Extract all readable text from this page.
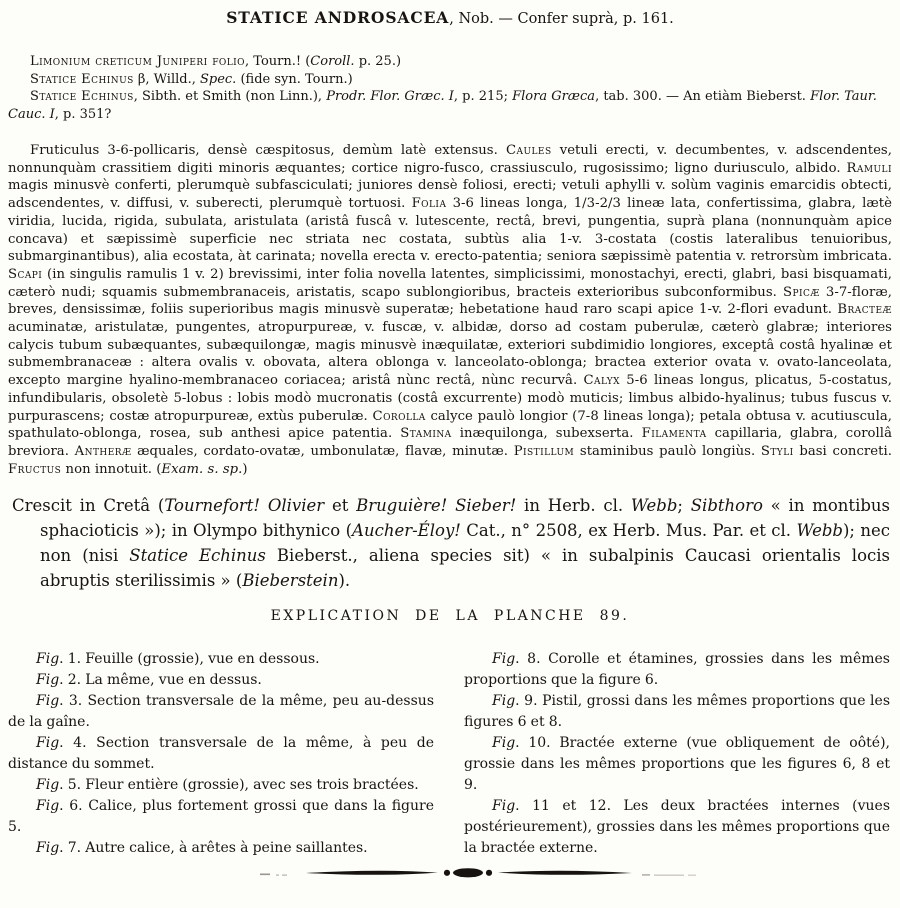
STATICE ANDROSACEA, Nob. — Confer suprà, p. 161.

Limonium creticum Juniperi folio, Tourn.! (Coroll. p. 25.)

Statice Echinus β, Willd., Spec. (fide syn. Tourn.)

Statice Echinus, Sibth. et Smith (non Linn.), Prodr. Flor. Græc. I, p. 215; Flora Græca, tab. 300. — An etiàm Bieberst. Flor. Taur. Cauc. I, p. 351?

Fruticulus 3-6-pollicaris, densè cæspitosus, demùm latè extensus. Caules vetuli erecti, v. decumbentes, v. adscendentes, nonnunquàm crassitiem digiti minoris æquantes; cortice nigro-fusco, crassiusculo, rugosissimo; ligno duriusculo, albido. Ramuli magis minusvè conferti, plerumquè subfasciculati; juniores densè foliosi, erecti; vetuli aphylli v. solùm vaginis emarcidis obtecti, adscendentes, v. diffusi, v. suberecti, plerumquè tortuosi. Folia 3-6 lineas longa, 1/3-2/3 lineæ lata, confertissima, glabra, lætè viridia, lucida, rigida, subulata, aristulata (aristâ fuscâ v. lutescente, rectâ, brevi, pungentia, suprà plana (nonnunquàm apice concava) et sæpissimè superficie nec striata nec costata, subtùs alia 1-v. 3-costata (costis lateralibus tenuioribus, submarginantibus), alia ecostata, àt carinata; novella erecta v. erecto-patentia; seniora sæpissimè patentia v. retrorsùm imbricata. Scapi (in singulis ramulis 1 v. 2) brevissimi, inter folia novella latentes, simplicissimi, monostachyi, erecti, glabri, basi bisquamati, cæterò nudi; squamis submembranaceis, aristatis, scapo sublongioribus, bracteis exterioribus subconformibus. Spicæ 3-7-floræ, breves, densissimæ, foliis superioribus magis minusvè superatæ; hebetatione haud raro scapi apice 1-v. 2-flori evadunt. Bracteæ acuminatæ, aristulatæ, pungentes, atropurpureæ, v. fuscæ, v. albidæ, dorso ad costam puberulæ, cæterò glabræ; interiores calycis tubum subæquantes, subæquilongæ, magis minusvè inæquilatæ, exteriori subdimidio longiores, exceptâ costâ hyalinæ et submembranaceæ : altera ovalis v. obovata, altera oblonga v. lanceolato-oblonga; bractea exterior ovata v. ovato-lanceolata, excepto margine hyalino-membranaceo coriacea; aristâ nùnc rectâ, nùnc recurvâ. Calyx 5-6 lineas longus, plicatus, 5-costatus, infundibularis, obsoletè 5-lobus : lobis modò mucronatis (costâ excurrente) modò muticis; limbus albido-hyalinus; tubus fuscus v. purpurascens; costæ atropurpureæ, extùs puberulæ. Corolla calyce paulò longior (7-8 lineas longa); petala obtusa v. acutiuscula, spathulato-oblonga, rosea, sub anthesi apice patentia. Stamina inæquilonga, subexserta. Filamenta capillaria, glabra, corollâ breviora. Antheræ æquales, cordato-ovatæ, umbonulatæ, flavæ, minutæ. Pistillum staminibus paulò longiùs. Styli basi concreti. Fructus non innotuit. (Exam. s. sp.)

Crescit in Cretâ (Tournefort! Olivier et Bruguière! Sieber! in Herb. cl. Webb; Sibthoro « in montibus sphacioticis »); in Olympo bithynico (Aucher-Éloy! Cat., n° 2508, ex Herb. Mus. Par. et cl. Webb); nec non (nisi Statice Echinus Bieberst., aliena species sit) « in subalpinis Caucasi orientalis locis abruptis sterilissimis » (Bieberstein).

EXPLICATION DE LA PLANCHE 89.

Fig. 1. Feuille (grossie), vue en dessous.

Fig. 2. La même, vue en dessus.

Fig. 3. Section transversale de la même, peu au-dessus de la gaîne.

Fig. 4. Section transversale de la même, à peu de distance du sommet.

Fig. 5. Fleur entière (grossie), avec ses trois bractées.

Fig. 6. Calice, plus fortement grossi que dans la figure 5.

Fig. 7. Autre calice, à arêtes à peine saillantes.

Fig. 8. Corolle et étamines, grossies dans les mêmes proportions que la figure 6.

Fig. 9. Pistil, grossi dans les mêmes proportions que les figures 6 et 8.

Fig. 10. Bractée externe (vue obliquement de oôté), grossie dans les mêmes proportions que les figures 6, 8 et 9.

Fig. 11 et 12. Les deux bractées internes (vues postérieurement), grossies dans les mêmes proportions que la bractée externe.
